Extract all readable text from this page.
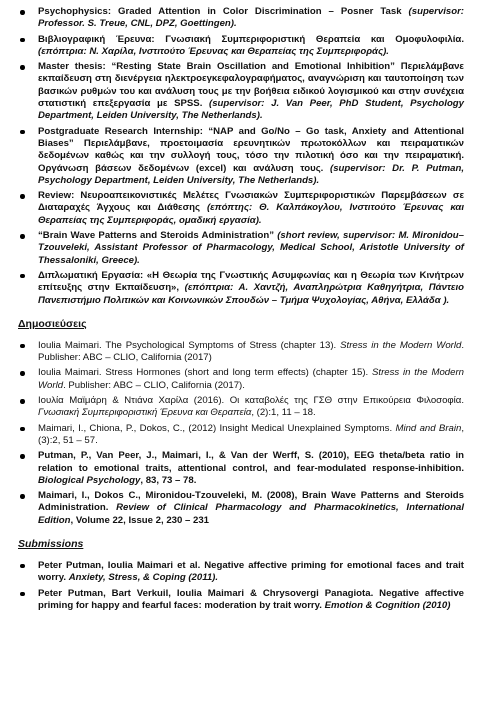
Psychophysics: Graded Attention in Color Discrimination – Posner Task (supervisor: Professor. S. Treue, CNL, DPZ, Goettingen).
Βιβλιογραφική Έρευνα: Γνωσιακή Συμπεριφοριστική Θεραπεία και Ομοφυλοφιλία. (επόπτρια: Ν. Χαρίλα, Ινστιτούτο Έρευνας και Θεραπείας της Συμπεριφοράς).
Master thesis: “Resting State Brain Oscillation and Emotional Inhibition” Περιελάμβανε εκπαίδευση στη διενέργεια ηλεκτροεγκεφαλογραφήματος, αναγνώριση και ταυτοποίηση των βασικών ρυθμών του και ανάλυση τους με την βοήθεια ειδικού λογισμικού και στην συνέχεια στατιστική επεξεργασία με SPSS. (supervisor: J. Van Peer, PhD Student, Psychology Department, Leiden University, The Netherlands).
Postgraduate Research Internship: “NAP and Go/No – Go task, Anxiety and Attentional Biases” Περιελάμβανε, προετοιμασία ερευνητικών πρωτοκόλλων και πειραματικών δεδομένων καθώς και την συλλογή τους, τόσο την πιλοτική όσο και την πειραματική. Οργάνωση βάσεων δεδομένων (excel) και ανάλυση τους. (supervisor: Dr. P. Putman, Psychology Department, Leiden University, The Netherlands).
Review: Νευροαπεικονιστικές Μελέτες Γνωσιακών Συμπεριφοριστικών Παρεμβάσεων σε Διαταραχές Άγχους και Διάθεσης (επόπτης: Θ. Καλπάκογλου, Ινστιτούτο Έρευνας και Θεραπείας της Συμπεριφοράς, ομαδική εργασία).
“Brain Wave Patterns and Steroids Administration” (short review, supervisor: M. Mironidou–Tzouveleki, Assistant Professor of Pharmacology, Medical School, Aristotle University of Thessaloniki, Greece).
Διπλωματική Εργασία: «Η Θεωρία της Γνωστικής Ασυμφωνίας και η Θεωρία των Κινήτρων επίτευξης στην Εκπαίδευση», (επόπτρια: Α. Χαντζή, Αναπληρώτρια Καθηγήτρια, Πάντειο Πανεπιστήμιο Πολιτικών και Κοινωνικών Σπουδών – Τμήμα Ψυχολογίας, Αθήνα, Ελλάδα ).
Δημοσιεύσεις
Ioulia Maimari. The Psychological Symptoms of Stress (chapter 13). Stress in the Modern World. Publisher: ABC – CLIO, California (2017)
Ioulia Maimari. Stress Hormones (short and long term effects) (chapter 15). Stress in the Modern World. Publisher: ABC – CLIO, California (2017).
Ιουλία Μαϊμάρη & Ντιάνα Χαρίλα (2016). Οι καταβολές της ΓΣΘ στην Επικούρεια Φιλοσοφία. Γνωσιακή Συμπεριφοριστική Έρευνα και Θεραπεία, (2):1, 11 – 18.
Maimari, I., Chiona, P., Dokos, C., (2012) Insight Medical Unexplained Symptoms. Mind and Brain, (3):2, 51 – 57.
Putman, P., Van Peer, J., Maimari, I., & Van der Werff, S. (2010), EEG theta/beta ratio in relation to emotional traits, attentional control, and fear-modulated response-inhibition. Biological Psychology, 83, 73 – 78.
Maimari, I., Dokos C., Mironidou-Tzouveleki, M. (2008), Brain Wave Patterns and Steroids Administration. Review of Clinical Pharmacology and Pharmacokinetics, International Edition, Volume 22, Issue 2, 230 – 231
Submissions
Peter Putman, Ioulia Maimari et al. Negative affective priming for emotional faces and trait worry. Anxiety, Stress, & Coping (2011).
Peter Putman, Bart Verkuil, Ioulia Maimari & Chrysovergi Panagiota. Negative affective priming for happy and fearful faces: moderation by trait worry. Emotion & Cognition (2010)
